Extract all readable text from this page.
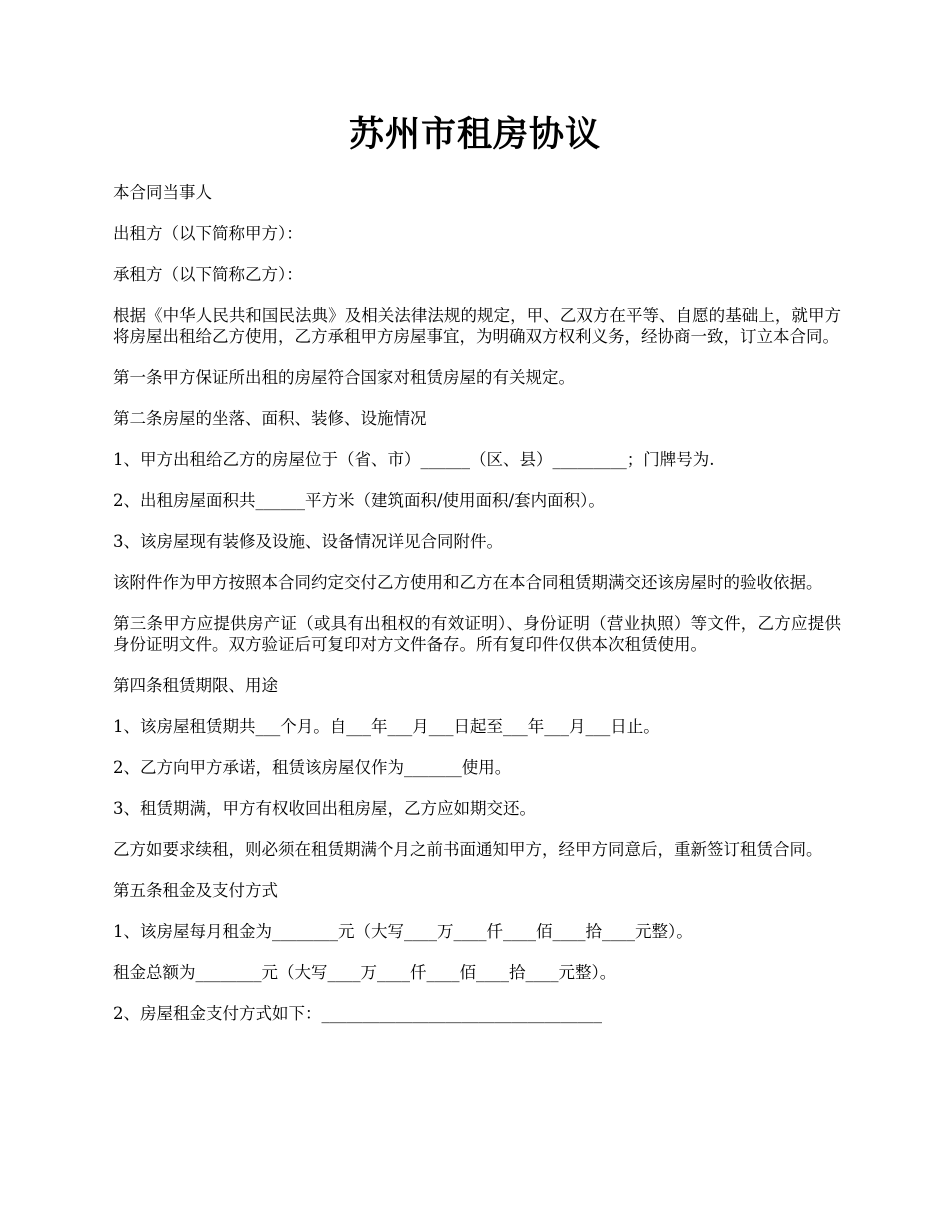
苏州市租房协议

本合同当事人

出租方（以下简称甲方）：

承租方（以下简称乙方）：

根据《中华人民共和国民法典》及相关法律法规的规定，甲、乙双方在平等、自愿的基础上，就甲方将房屋出租给乙方使用，乙方承租甲方房屋事宜，为明确双方权利义务，经协商一致，订立本合同。

第一条甲方保证所出租的房屋符合国家对租赁房屋的有关规定。

第二条房屋的坐落、面积、装修、设施情况

1、甲方出租给乙方的房屋位于（省、市）______（区、县）_________；门牌号为.

2、出租房屋面积共______平方米（建筑面积/使用面积/套内面积）。

3、该房屋现有装修及设施、设备情况详见合同附件。

该附件作为甲方按照本合同约定交付乙方使用和乙方在本合同租赁期满交还该房屋时的验收依据。

第三条甲方应提供房产证（或具有出租权的有效证明）、身份证明（营业执照）等文件，乙方应提供身份证明文件。双方验证后可复印对方文件备存。所有复印件仅供本次租赁使用。

第四条租赁期限、用途

1、该房屋租赁期共___个月。自___年___月___日起至___年___月___日止。

2、乙方向甲方承诺，租赁该房屋仅作为_______使用。

3、租赁期满，甲方有权收回出租房屋，乙方应如期交还。

乙方如要求续租，则必须在租赁期满个月之前书面通知甲方，经甲方同意后，重新签订租赁合同。

第五条租金及支付方式

1、该房屋每月租金为________元（大写____万____仟____佰____拾____元整）。

租金总额为________元（大写____万____仟____佰____拾____元整）。

2、房屋租金支付方式如下：__________________________________
